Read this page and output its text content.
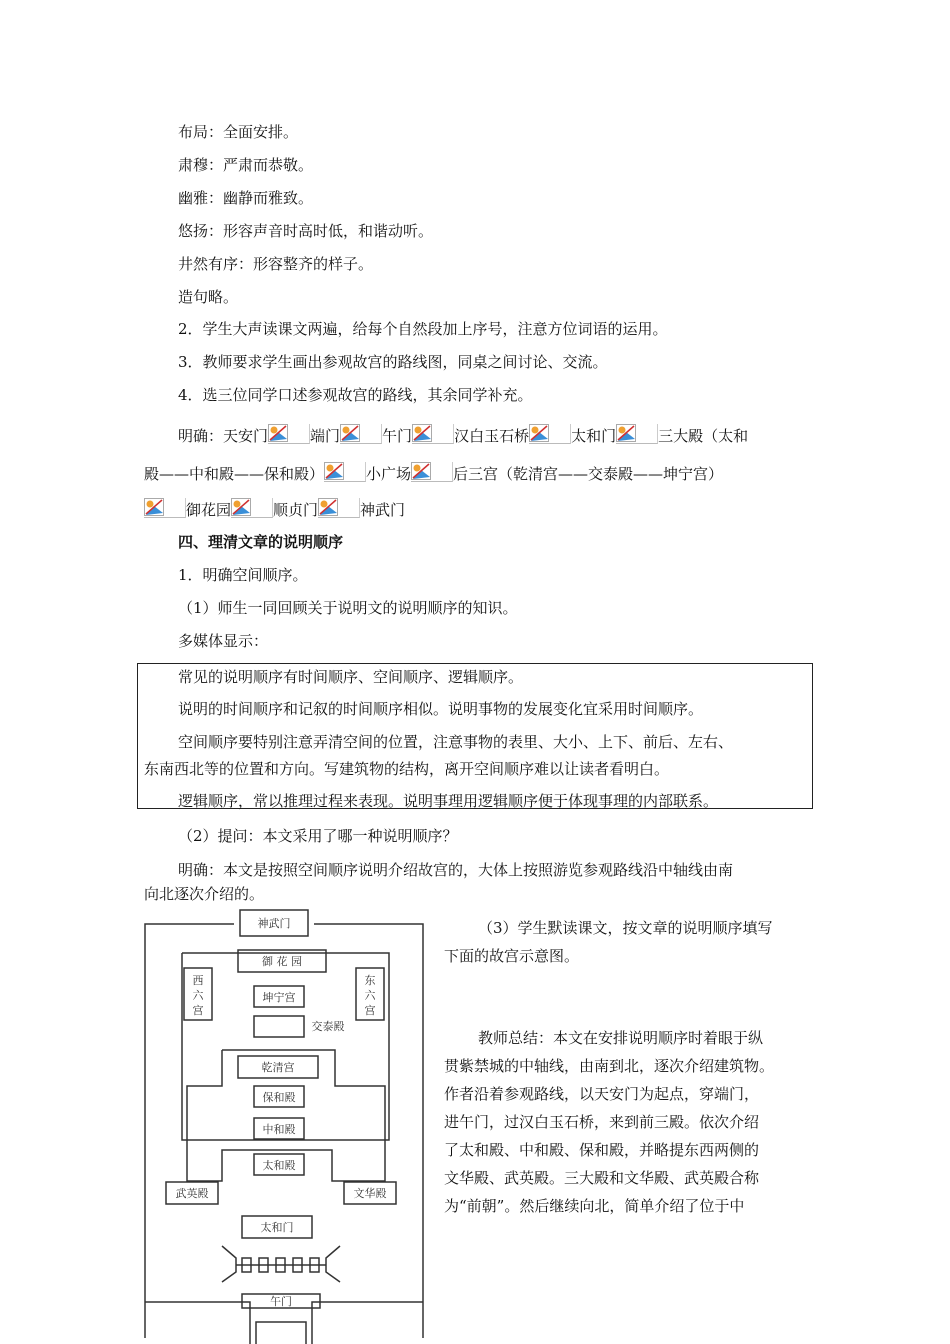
布局：全面安排。
肃穆：严肃而恭敬。
幽雅：幽静而雅致。
悠扬：形容声音时高时低，和谐动听。
井然有序：形容整齐的样子。
造句略。
2．学生大声读课文两遍，给每个自然段加上序号，注意方位词语的运用。
3．教师要求学生画出参观故宫的路线图，同桌之间讨论、交流。
4．选三位同学口述参观故宫的路线，其余同学补充。
明确：天安门	端门	午门	汉白玉石桥	太和门	三大殿（太和
殿——中和殿——保和殿）	小广场	后三宫（乾清宫——交泰殿——坤宁宫）
御花园	顺贞门	神武门
四、理清文章的说明顺序
1．明确空间顺序。
（1）师生一同回顾关于说明文的说明顺序的知识。
多媒体显示：
常见的说明顺序有时间顺序、空间顺序、逻辑顺序。
说明的时间顺序和记叙的时间顺序相似。说明事物的发展变化宜采用时间顺序。
空间顺序要特别注意弄清空间的位置，注意事物的表里、大小、上下、前后、左右、
东南西北等的位置和方向。写建筑物的结构，离开空间顺序难以让读者看明白。
逻辑顺序，常以推理过程来表现。说明事理用逻辑顺序便于体现事理的内部联系。
（2）提问：本文采用了哪一种说明顺序？
明确：本文是按照空间顺序说明介绍故宫的，大体上按照游览参观路线沿中轴线由南
向北逐次介绍的。
（3）学生默读课文，按文章的说明顺序填写
下面的故宫示意图。
教师总结：本文在安排说明顺序时着眼于纵
贯紫禁城的中轴线，由南到北，逐次介绍建筑物。
作者沿着参观路线，以天安门为起点，穿端门，
进午门，过汉白玉石桥，来到前三殿。依次介绍
了太和殿、中和殿、保和殿，并略提东西两侧的
文华殿、武英殿。三大殿和文华殿、武英殿合称
为“前朝”。然后继续向北，简单介绍了位于中
神武门
御 花 园
西
六
宫
东
六
宫
坤宁宫
交泰殿
乾清宫
保和殿
中和殿
太和殿
武英殿	文华殿
太和门
午门
